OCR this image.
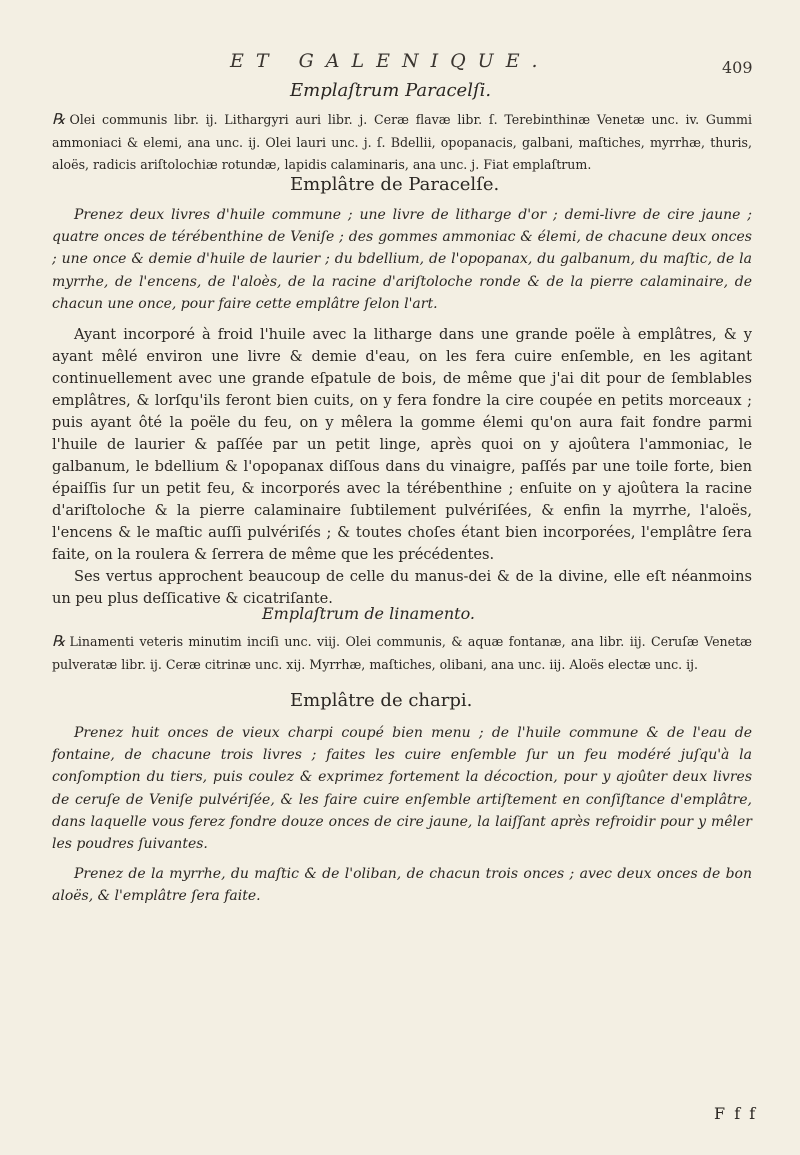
ET GALENIQUE.	409
Emplaſtrum Paracelſi.

℞ Olei communis libr. ij. Lithargyri auri libr. j. Ceræ flavæ libr. ſ. Terebinthinæ Venetæ unc. iv. Gummi ammoniaci & elemi, ana unc. ij. Olei lauri unc. j. ſ. Bdellii, opopanacis, galbani, maſtiches, myrrhæ, thuris, aloës, radicis ariſtolochiæ rotundæ, lapidis calaminaris, ana unc. j. Fiat emplaſtrum.

Emplâtre de Paracelſe.

Prenez deux livres d'huile commune ; une livre de litharge d'or ; demi-livre de cire jaune ; quatre onces de térébenthine de Veniſe ; des gommes ammoniac & élemi, de chacune deux onces ; une once & demie d'huile de laurier ; du bdellium, de l'opopanax, du galbanum, du maſtic, de la myrrhe, de l'encens, de l'aloès, de la racine d'ariſtoloche ronde & de la pierre calaminaire, de chacun une once, pour faire cette emplâtre ſelon l'art.

Ayant incorporé à froid l'huile avec la litharge dans une grande poële à emplâtres, & y ayant mêlé environ une livre & demie d'eau, on les fera cuire enſemble, en les agitant continuellement avec une grande eſpatule de bois, de même que j'ai dit pour de ſemblables emplâtres, & lorſqu'ils feront bien cuits, on y fera fondre la cire coupée en petits morceaux ; puis ayant ôté la poële du feu, on y mêlera la gomme élemi qu'on aura fait fondre parmi l'huile de laurier & paſſée par un petit linge, après quoi on y ajoûtera l'ammoniac, le galbanum, le bdellium & l'opopanax diſſous dans du vinaigre, paſſés par une toile forte, bien épaiſſis ſur un petit feu, & incorporés avec la térébenthine ; enſuite on y ajoûtera la racine d'ariſtoloche & la pierre calaminaire ſubtilement pulvériſées, & enfin la myrrhe, l'aloës, l'encens & le maſtic auſſi pulvériſés ; & toutes choſes étant bien incorporées, l'emplâtre ſera faite, on la roulera & ſerrera de même que les précédentes.

Ses vertus approchent beaucoup de celle du manus-dei & de la divine, elle eſt néanmoins un peu plus deſſicative & cicatriſante.

Emplaſtrum de linamento.

℞ Linamenti veteris minutim inciſi unc. viij. Olei communis, & aquæ fontanæ, ana libr. iij. Ceruſæ Venetæ pulveratæ libr. ij. Ceræ citrinæ unc. xij. Myrrhæ, maſtiches, olibani, ana unc. iij. Aloës electæ unc. ij.

Emplâtre de charpi.

Prenez huit onces de vieux charpi coupé bien menu ; de l'huile commune & de l'eau de fontaine, de chacune trois livres ; faites les cuire enſemble ſur un feu modéré juſqu'à la conſomption du tiers, puis coulez & exprimez fortement la décoction, pour y ajoûter deux livres de ceruſe de Veniſe pulvériſée, & les faire cuire enſemble artiſtement en conſiſtance d'emplâtre, dans laquelle vous ferez fondre douze onces de cire jaune, la laiſſant après refroidir pour y mêler les poudres ſuivantes.

Prenez de la myrrhe, du maſtic & de l'oliban, de chacun trois onces ; avec deux onces de bon aloës, & l'emplâtre ſera faite.

F f f
